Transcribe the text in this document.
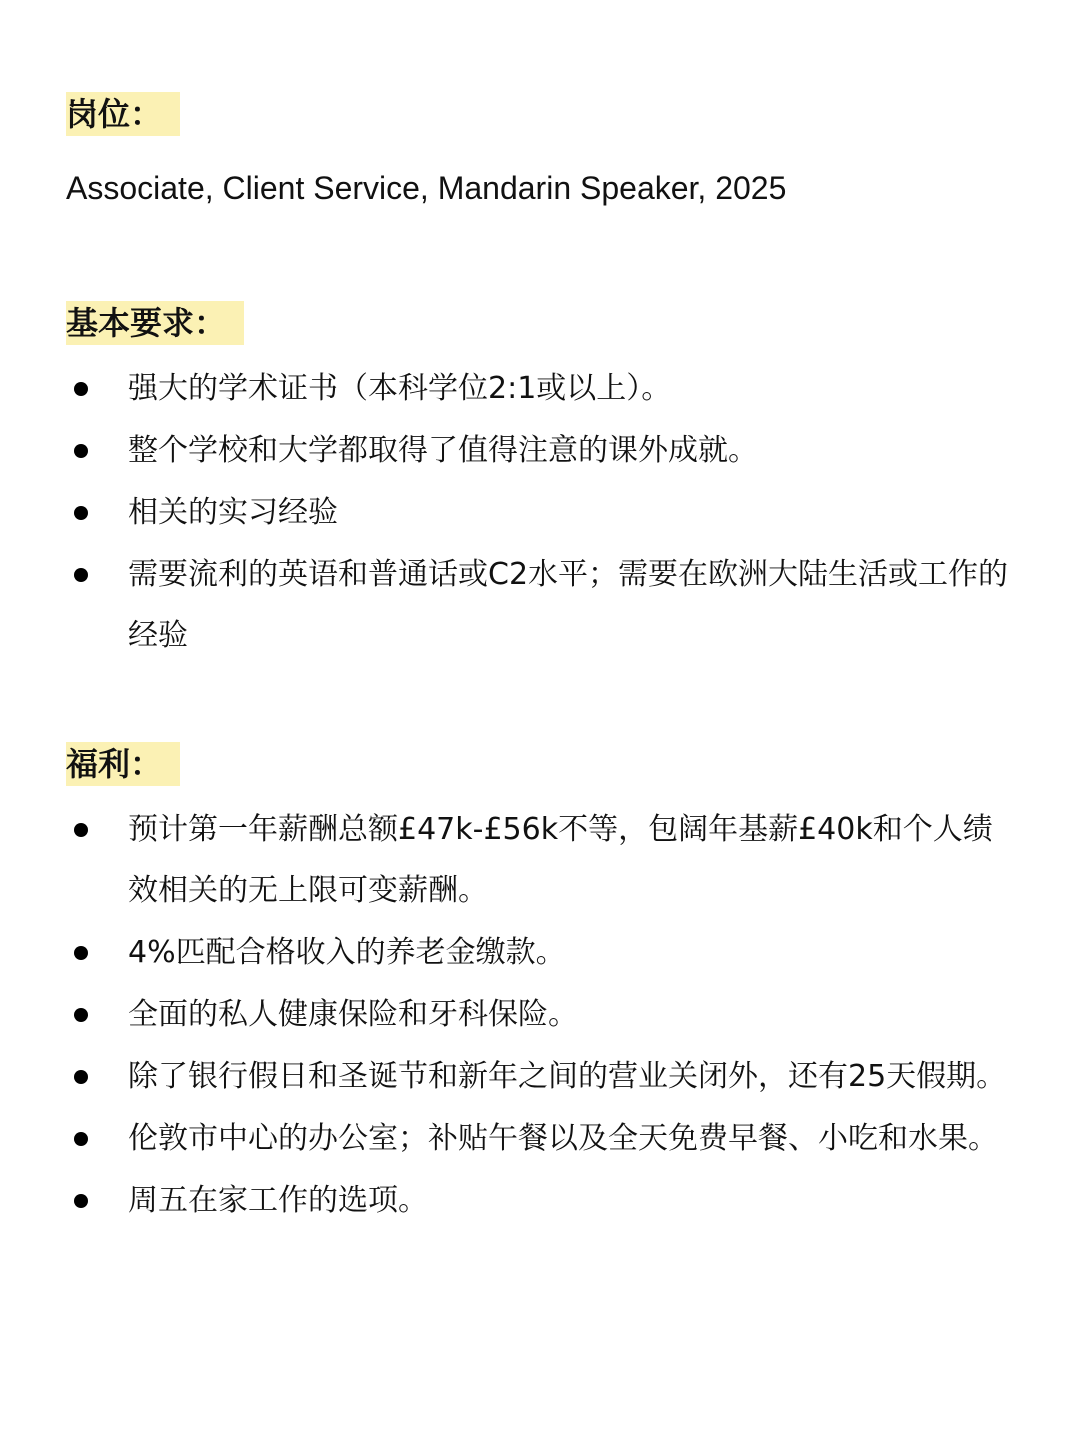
岗位：
Associate, Client Service, Mandarin Speaker, 2025
基本要求：
强大的学术证书（本科学位2:1或以上）。
整个学校和大学都取得了值得注意的课外成就。
相关的实习经验
需要流利的英语和普通话或C2水平；需要在欧洲大陆生活或工作的经验
福利：
预计第一年薪酬总额£47k-£56k不等，包阔年基薪£40k和个人绩效相关的无上限可变薪酬。
4%匹配合格收入的养老金缴款。
全面的私人健康保险和牙科保险。
除了银行假日和圣诞节和新年之间的营业关闭外，还有25天假期。
伦敦市中心的办公室；补贴午餐以及全天免费早餐、小吃和水果。
周五在家工作的选项。
